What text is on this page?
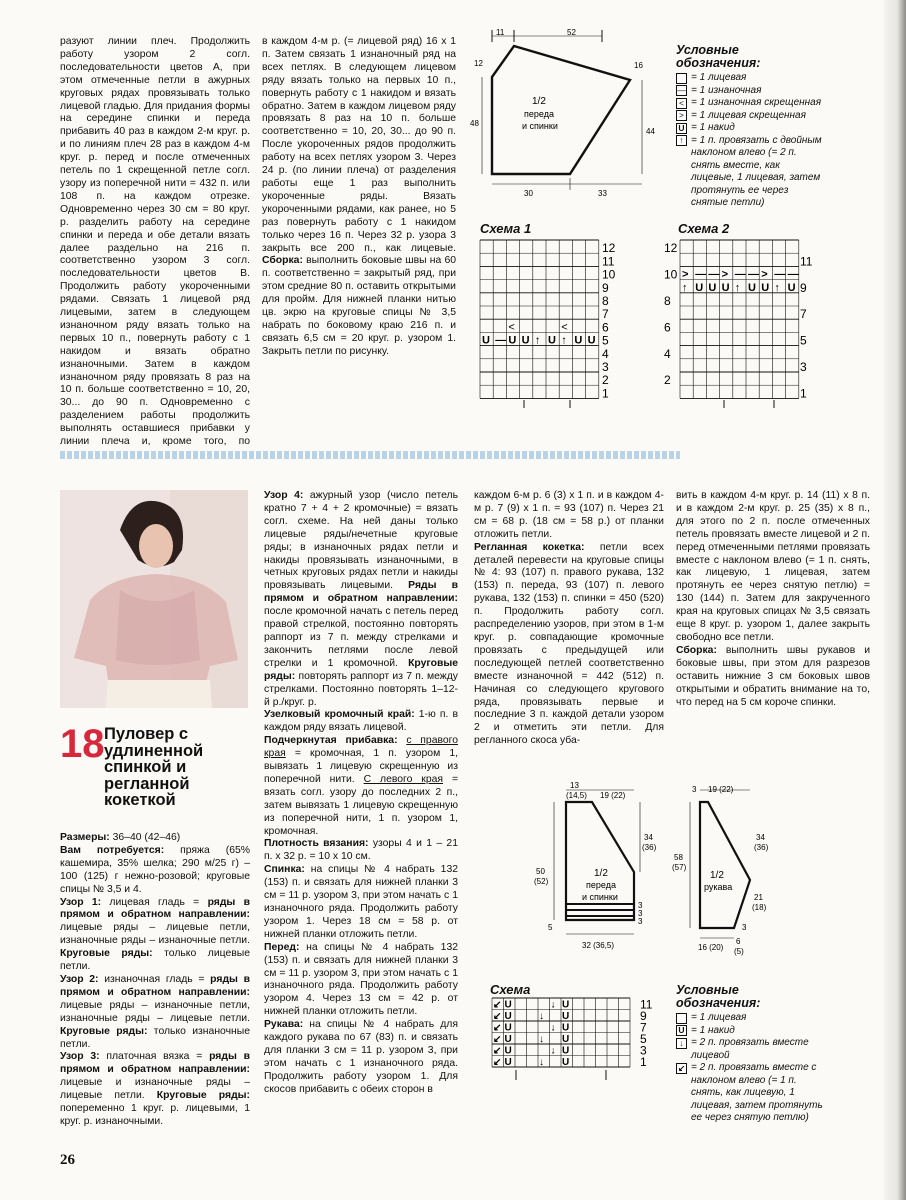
разуют линии плеч. Продолжить работу узором 2 согл. последовательности цветов А, при этом отмеченные петли в ажурных круговых рядах провязывать только лицевой гладью. Для придания формы на середине спинки и переда прибавить 40 раз в каждом 2-м круг. р. и по линиям плеч 28 раз в каждом 4-м круг. р. перед и после отмеченных петель по 1 скрещенной петле согл. узору из поперечной нити = 432 п. или 108 п. на каждом отрезке. Одновременно через 30 см = 80 круг. р. разделить работу на середине спинки и переда и обе детали вязать далее раздельно на 216 п. соответственно узором 3 согл. последовательности цветов В. Продолжить работу укороченными рядами. Связать 1 лицевой ряд лицевыми, затем в следующем изнаночном ряду вязать только на первых 10 п., повернуть работу с 1 накидом и вязать обратно изнаночными. Затем в каждом изнаночном ряду провязать 8 раз на 10 п. больше соответственно = 10, 20, 30... до 90 п. Одновременно с разделением работы продолжить выполнять оставшиеся прибавки у линии плеча и, кроме того, по

в каждом 4-м р. (= лицевой ряд) 16 x 1 п. Затем связать 1 изнаночный ряд на всех петлях. В следующем лицевом ряду вязать только на первых 10 п., повернуть работу с 1 накидом и вязать обратно. Затем в каждом лицевом ряду провязать 8 раз на 10 п. больше соответственно = 10, 20, 30... до 90 п. После укороченных рядов продолжить работу на всех петлях узором 3. Через 24 р. (по линии плеча) от разделения работы еще 1 раз выполнить укороченные ряды. Вязать укороченными рядами, как ранее, но 5 раз повернуть работу с 1 накидом только через 16 п. Через 32 р. узора 3 закрыть все 200 п., как лицевые. Сборка: выполнить боковые швы на 60 п. соответственно = закрытый ряд, при этом средние 80 п. оставить открытыми для пройм. Для нижней планки нитью цв. экрю на круговые спицы № 3,5 набрать по боковому краю 216 п. и связать 6,5 см = 20 круг. р. узором 1. Закрыть петли по рисунку.

11	52
12	16
48
44
30	33
1/2
переда
и спинки
Условные обозначения:
= 1 лицевая
— = 1 изнаночная
< = 1 изнаночная скрещенная
> = 1 лицевая скрещенная
U = 1 накид
↑ = 1 п. провязать с двойным наклоном влево (= 2 п. снять вместе, как лицевые, 1 лицевая, затем протянуть ее через снятые петли)
Схема 1
12
11
10
9
8
7
6
5
4
3
2
1
U — U U ↑ U ↑ U U
<	<
Схема 2
11
9
7
5
3
1
> — — > — — > — —
↑ U U U ↑ U U ↑ U
12
10
8
6
4
2
18 Пуловер с удлиненной спинкой и регланной кокеткой

Размеры: 36–40 (42–46)

Вам потребуется: пряжа (65% кашемира, 35% шелка; 290 м/25 г) – 100 (125) г нежно-розовой; круговые спицы № 3,5 и 4.

Узор 1: лицевая гладь = ряды в прямом и обратном направлении: лицевые ряды – лицевые петли, изнаночные ряды – изнаночные петли. Круговые ряды: только лицевые петли.

Узор 2: изнаночная гладь = ряды в прямом и обратном направлении: лицевые ряды – изнаночные петли, изнаночные ряды – лицевые петли. Круговые ряды: только изнаночные петли.

Узор 3: платочная вязка = ряды в прямом и обратном направлении: лицевые и изнаночные ряды – лицевые петли. Круговые ряды: попеременно 1 круг. р. лицевыми, 1 круг. р. изнаночными.

Узор 4: ажурный узор (число петель кратно 7 + 4 + 2 кромочные) = вязать согл. схеме. На ней даны только лицевые ряды/нечетные круговые ряды; в изнаночных рядах петли и накиды провязывать изнаночными, в четных круговых рядах петли и накиды провязывать лицевыми. Ряды в прямом и обратном направлении: после кромочной начать с петель перед правой стрелкой, постоянно повторять раппорт из 7 п. между стрелками и закончить петлями после левой стрелки и 1 кромочной. Круговые ряды: повторять раппорт из 7 п. между стрелками. Постоянно повторять 1–12-й р./круг. р.

Узелковый кромочный край: 1-ю п. в каждом ряду вязать лицевой.

Подчеркнутая прибавка: с правого края = кромочная, 1 п. узором 1, вывязать 1 лицевую скрещенную из поперечной нити. С левого края = вязать согл. узору до последних 2 п., затем вывязать 1 лицевую скрещенную из поперечной нити, 1 п. узором 1, кромочная.

Плотность вязания: узоры 4 и 1 – 21 п. x 32 р. = 10 x 10 см.

Спинка: на спицы № 4 набрать 132 (153) п. и связать для нижней планки 3 см = 11 р. узором 3, при этом начать с 1 изнаночного ряда. Продолжить работу узором 1. Через 18 см = 58 р. от нижней планки отложить петли.

Перед: на спицы № 4 набрать 132 (153) п. и связать для нижней планки 3 см = 11 р. узором 3, при этом начать с 1 изнаночного ряда. Продолжить работу узором 4. Через 13 см = 42 р. от нижней планки отложить петли.

Рукава: на спицы № 4 набрать для каждого рукава по 67 (83) п. и связать для планки 3 см = 11 р. узором 3, при этом начать с 1 изнаночного ряда. Продолжить работу узором 1. Для скосов прибавить с обеих сторон в

каждом 6-м р. 6 (3) x 1 п. и в каждом 4-м р. 7 (9) x 1 п. = 93 (107) п. Через 21 см = 68 р. (18 см = 58 р.) от планки отложить петли.

Регланная кокетка: петли всех деталей перевести на круговые спицы № 4: 93 (107) п. правого рукава, 132 (153) п. переда, 93 (107) п. левого рукава, 132 (153) п. спинки = 450 (520) п. Продолжить работу согл. распределению узоров, при этом в 1-м круг. р. совпадающие кромочные провязать с предыдущей или последующей петлей соответственно вместе изнаночной = 442 (512) п. Начиная со следующего кругового ряда, провязывать первые и последние 3 п. каждой детали узором 2 и отметить эти петли. Для регланного скоса уба-

вить в каждом 4-м круг. р. 14 (11) x 8 п. и в каждом 2-м круг. р. 25 (35) x 8 п., для этого по 2 п. после отмеченных петель провязать вместе лицевой и 2 п. перед отмеченными петлями провязать вместе с наклоном влево (= 1 п. снять, как лицевую, 1 лицевая, затем протянуть ее через снятую петлю) = 130 (144) п. Затем для закрученного края на круговых спицах № 3,5 связать еще 8 круг. р. узором 1, далее закрыть свободно все петли.

Сборка: выполнить швы рукавов и боковые швы, при этом для разрезов оставить нижние 3 см боковых швов открытыми и обратить внимание на то, что перед на 5 см короче спинки.

13
(14,5) 19 (22)
34
(36)
50
(52)
5
3
3
3
32 (36,5)
1/2
переда
и спинки
3 19 (22)
34
(36)
58
(57)
21
(18)
3
16 (20)
6
(5)
1/2
рукава
Схема
11
9
7
5
3
1
↙ U	↓ U
↙ U	↓ U
↙ U	↓ U
↙ U	↓ U
↙ U	↓ U
↙ U	↓ U
Условные обозначения:
= 1 лицевая
U = 1 накид
↓ = 2 п. провязать вместе лицевой
↙ = 2 п. провязать вместе с наклоном влево (= 1 п. снять, как лицевую, 1 лицевая, затем протянуть ее через снятую петлю)
26
